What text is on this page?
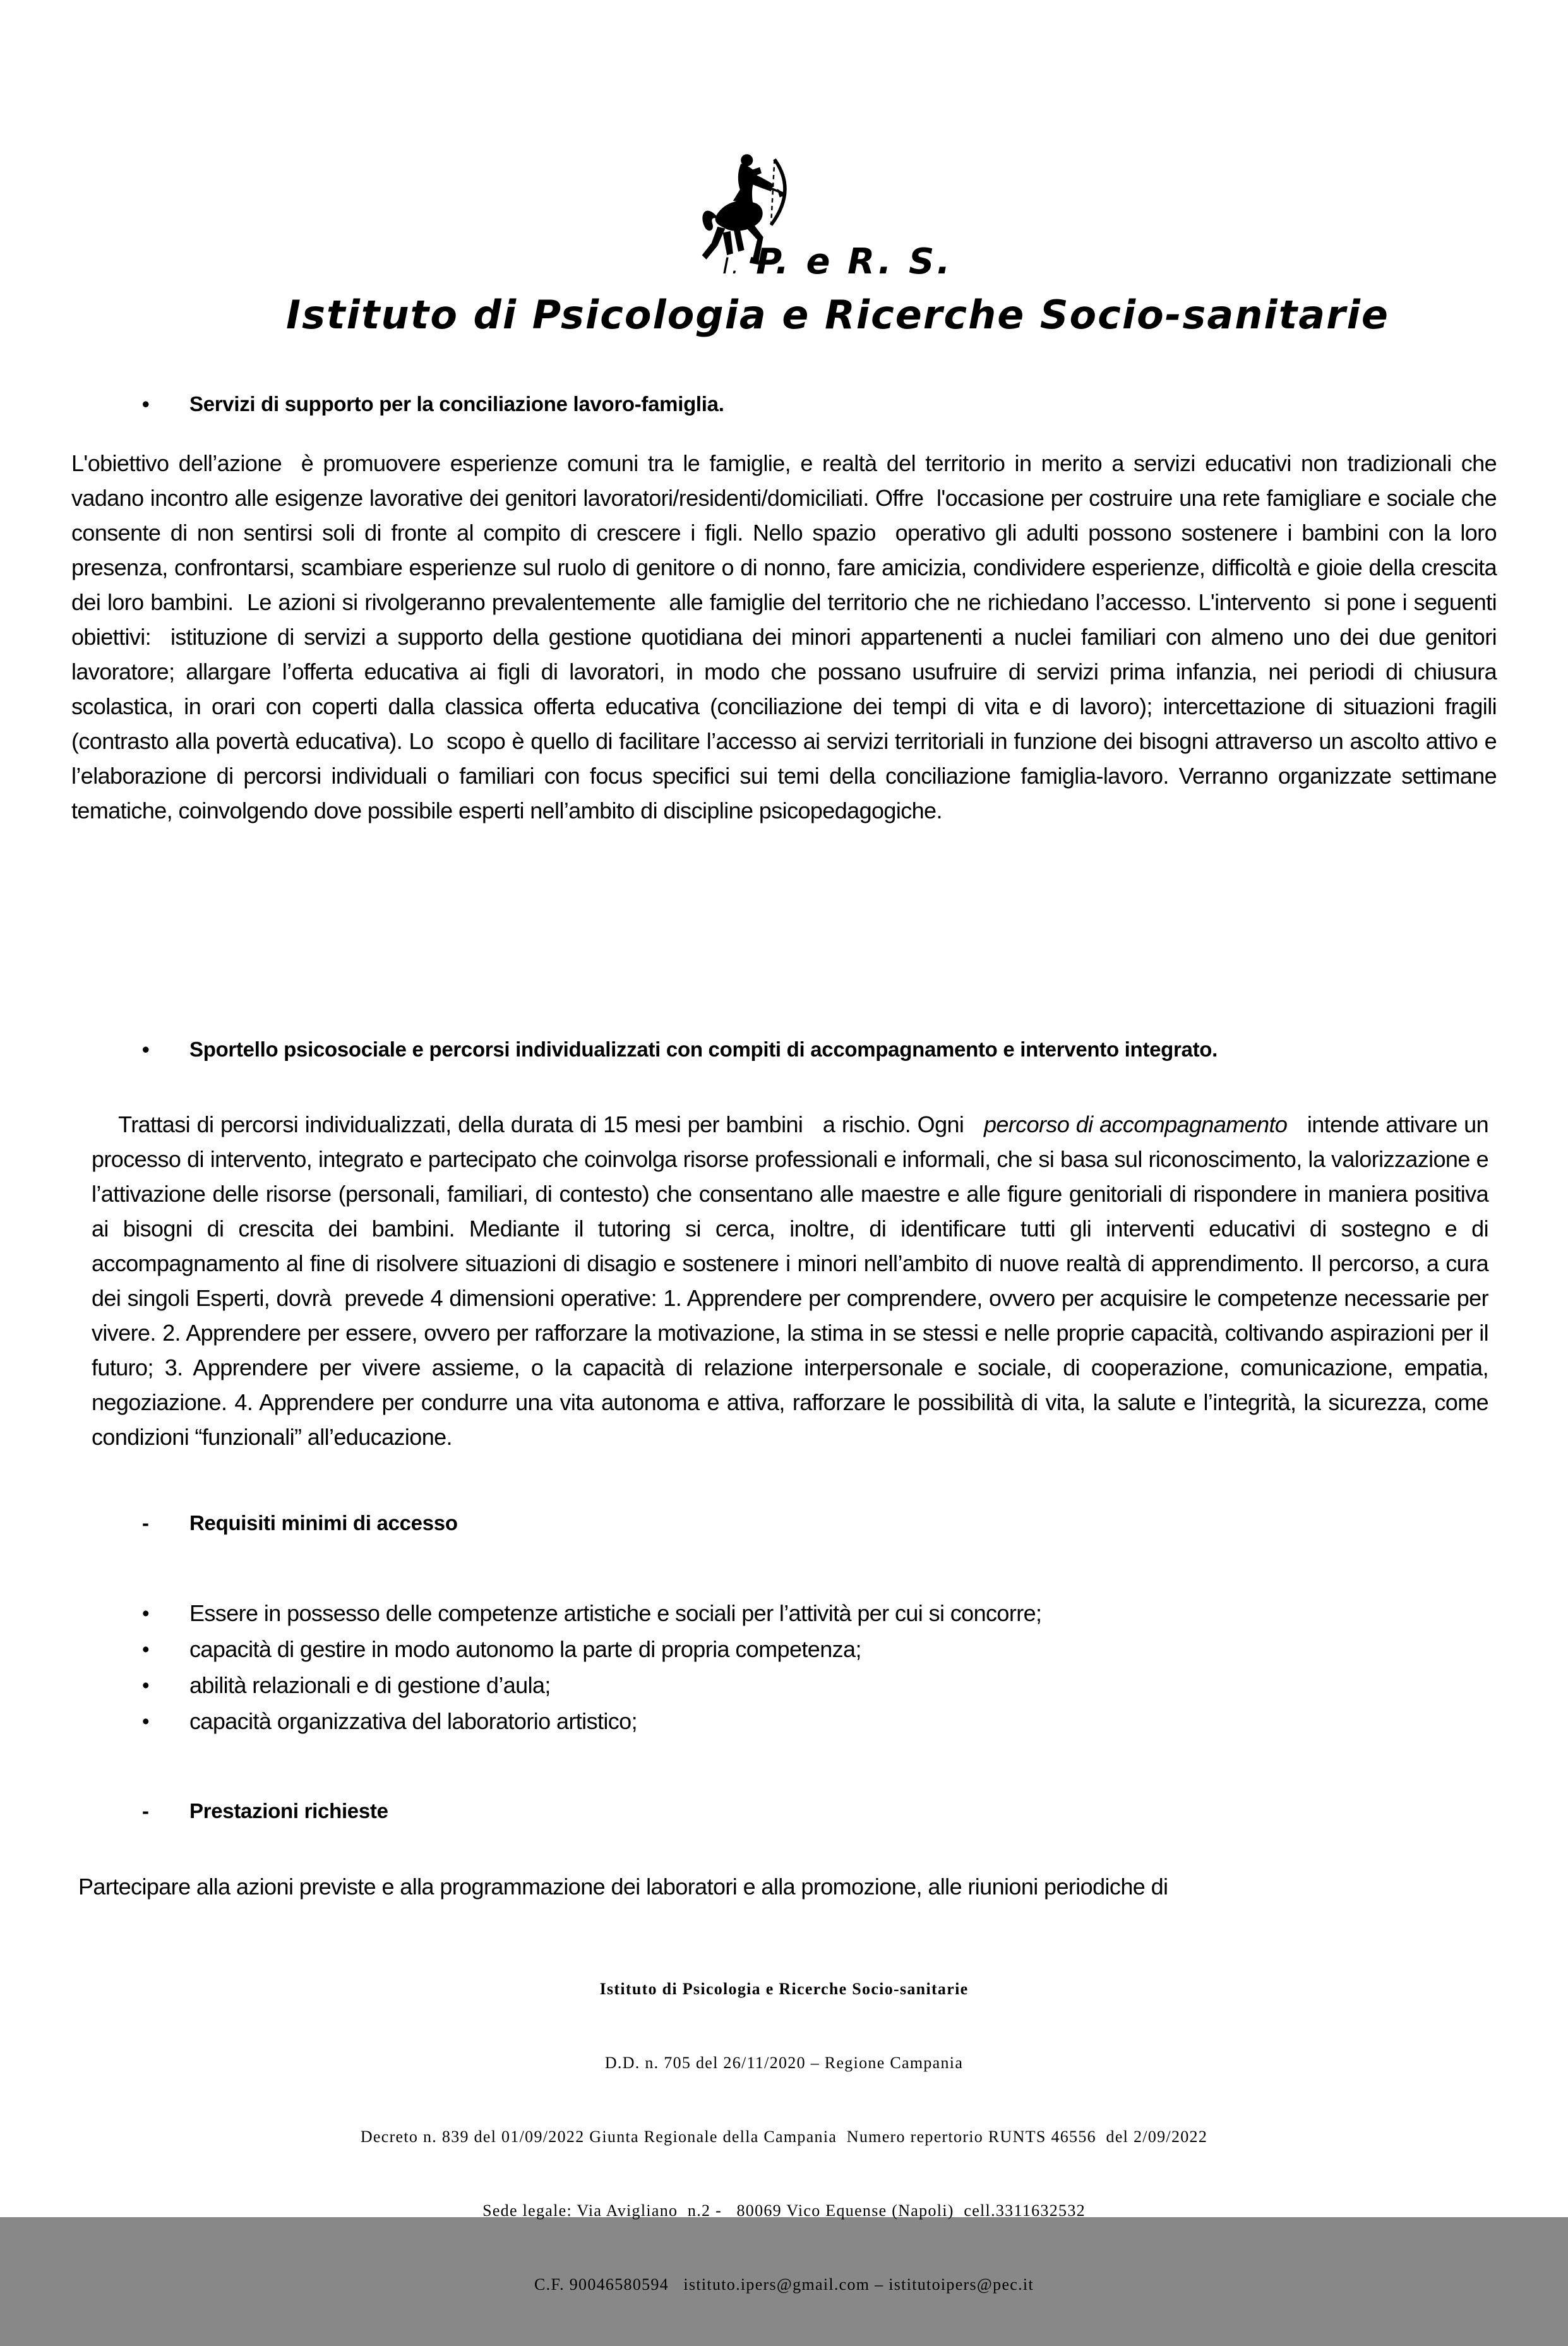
I. P. e R. S.
Istituto di Psicologia e Ricerche Socio-sanitarie
• Servizi di supporto per la conciliazione lavoro-famiglia.
L'obiettivo dell’azione  è promuovere esperienze comuni tra le famiglie, e realtà del territorio in merito a servizi educativi non tradizionali che vadano incontro alle esigenze lavorative dei genitori lavoratori/residenti/domiciliati. Offre  l'occasione per costruire una rete famigliare e sociale che consente di non sentirsi soli di fronte al compito di crescere i figli. Nello spazio  operativo gli adulti possono sostenere i bambini con la loro presenza, confrontarsi, scambiare esperienze sul ruolo di genitore o di nonno, fare amicizia, condividere esperienze, difficoltà e gioie della crescita dei loro bambini.  Le azioni si rivolgeranno prevalentemente  alle famiglie del territorio che ne richiedano l’accesso. L'intervento  si pone i seguenti obiettivi:  istituzione di servizi a supporto della gestione quotidiana dei minori appartenenti a nuclei familiari con almeno uno dei due genitori lavoratore; allargare l’offerta educativa ai figli di lavoratori, in modo che possano usufruire di servizi prima infanzia, nei periodi di chiusura scolastica, in orari con coperti dalla classica offerta educativa (conciliazione dei tempi di vita e di lavoro); intercettazione di situazioni fragili (contrasto alla povertà educativa). Lo  scopo è quello di facilitare l’accesso ai servizi territoriali in funzione dei bisogni attraverso un ascolto attivo e l’elaborazione di percorsi individuali o familiari con focus specifici sui temi della conciliazione famiglia-lavoro. Verranno organizzate settimane tematiche, coinvolgendo dove possibile esperti nell’ambito di discipline psicopedagogiche.
• Sportello psicosociale e percorsi individualizzati con compiti di accompagnamento e intervento integrato.

Trattasi di percorsi individualizzati, della durata di 15 mesi per bambini   a rischio. Ogni   percorso di accompagnamento   intende attivare un processo di intervento, integrato e partecipato che coinvolga risorse professionali e informali, che si basa sul riconoscimento, la valorizzazione e l’attivazione delle risorse (personali, familiari, di contesto) che consentano alle maestre e alle figure genitoriali di rispondere in maniera positiva ai bisogni di crescita dei bambini. Mediante il tutoring si cerca, inoltre, di identificare tutti gli interventi educativi di sostegno e di accompagnamento al fine di risolvere situazioni di disagio e sostenere i minori nell’ambito di nuove realtà di apprendimento. Il percorso, a cura dei singoli Esperti, dovrà  prevede 4 dimensioni operative: 1. Apprendere per comprendere, ovvero per acquisire le competenze necessarie per vivere. 2. Apprendere per essere, ovvero per rafforzare la motivazione, la stima in se stessi e nelle proprie capacità, coltivando aspirazioni per il futuro; 3. Apprendere per vivere assieme, o la capacità di relazione interpersonale e sociale, di cooperazione, comunicazione, empatia, negoziazione. 4. Apprendere per condurre una vita autonoma e attiva, rafforzare le possibilità di vita, la salute e l’integrità, la sicurezza, come condizioni “funzionali” all’educazione.

- Requisiti minimi di accesso
• Essere in possesso delle competenze artistiche e sociali per l’attività per cui si concorre;
• capacità di gestire in modo autonomo la parte di propria competenza;
• abilità relazionali e di gestione d’aula;
• capacità organizzativa del laboratorio artistico;
- Prestazioni richieste
Partecipare alla azioni previste e alla programmazione dei laboratori e alla promozione, alle riunioni periodiche di

Istituto di Psicologia e Ricerche Socio-sanitarie

D.D. n. 705 del 26/11/2020 – Regione Campania

Decreto n. 839 del 01/09/2022 Giunta Regionale della Campania  Numero repertorio RUNTS 46556  del 2/09/2022

Sede legale: Via Avigliano  n.2 -   80069 Vico Equense (Napoli)  cell.3311632532

C.F. 90046580594   istituto.ipers@gmail.com – istitutoipers@pec.it
